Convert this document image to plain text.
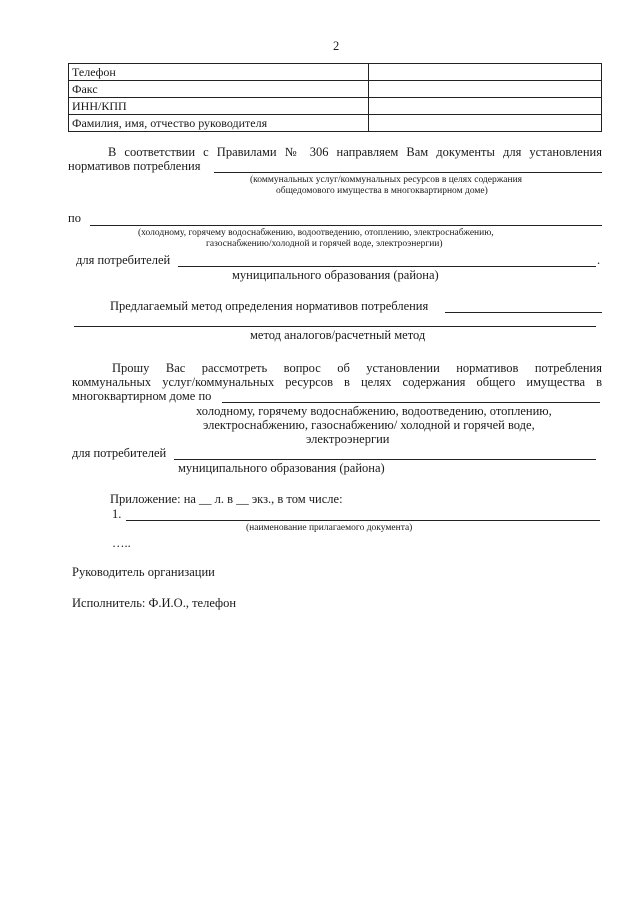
2
Телефон	
Факс	
ИНН/КПП	
Фамилия, имя, отчество руководителя	
В соответствии с Правилами № 306 направляем Вам документы для установления
нормативов потребления
(коммунальных услуг/коммунальных ресурсов в целях содержания
общедомового имущества в многоквартирном доме)
по
(холодному, горячему водоснабжению, водоотведению, отоплению, электроснабжению,
газоснабжению/холодной и горячей воде, электроэнергии)
для потребителей	.
муниципального образования (района)
Предлагаемый метод определения нормативов потребления
метод аналогов/расчетный метод
Прошу Вас рассмотреть вопрос об установлении нормативов потребления
коммунальных услуг/коммунальных ресурсов в целях содержания общего имущества в
многоквартирном доме по
холодному, горячему водоснабжению, водоотведению, отоплению,
электроснабжению, газоснабжению/ холодной и горячей воде,
электроэнергии
для потребителей
муниципального образования (района)
Приложение: на __ л. в __ экз., в том числе:
1.
(наименование прилагаемого документа)
…..
Руководитель организации
Исполнитель: Ф.И.О., телефон
